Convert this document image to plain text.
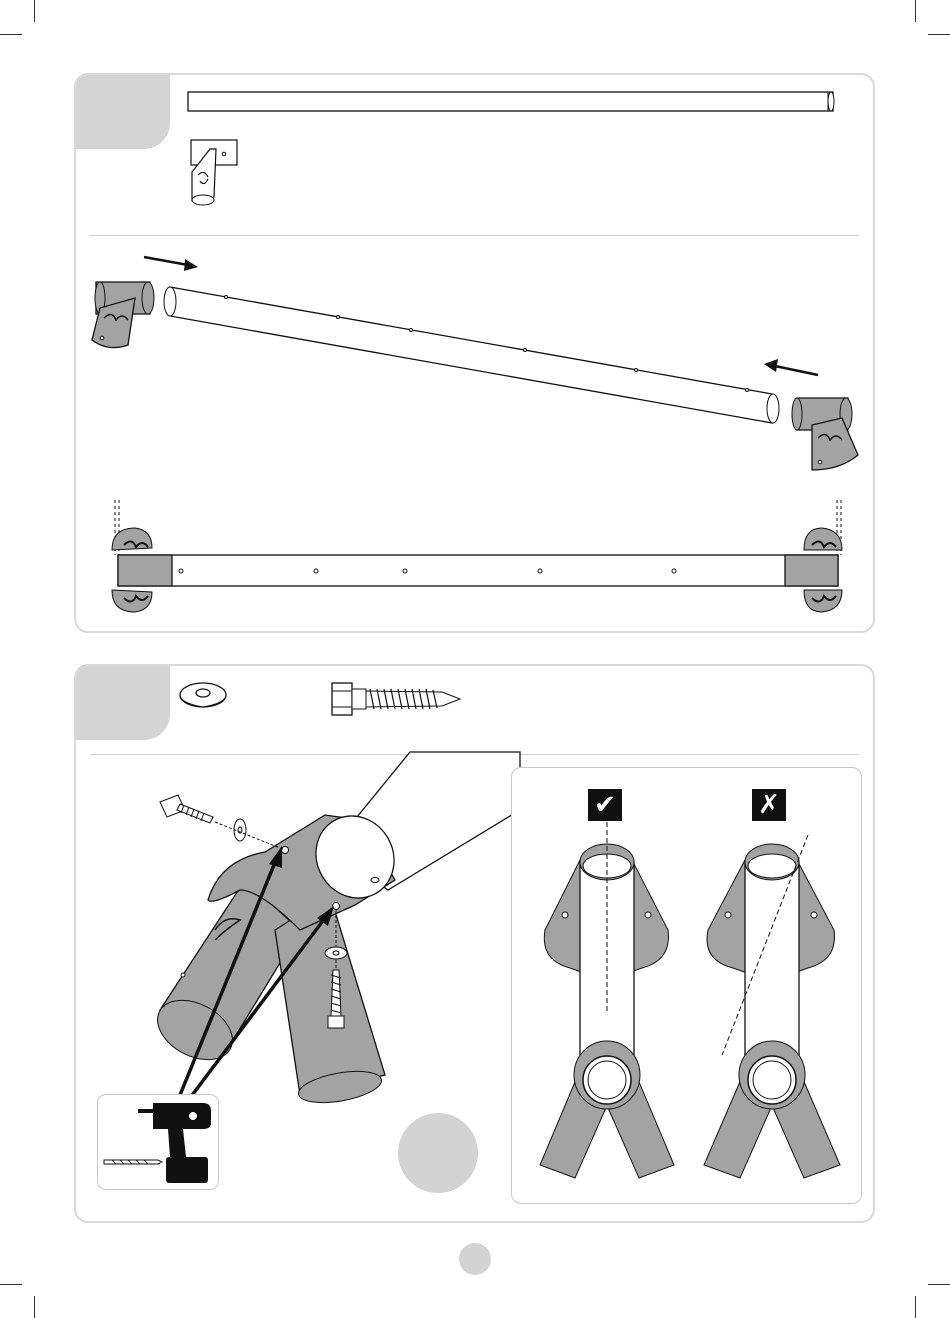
✔	✗
